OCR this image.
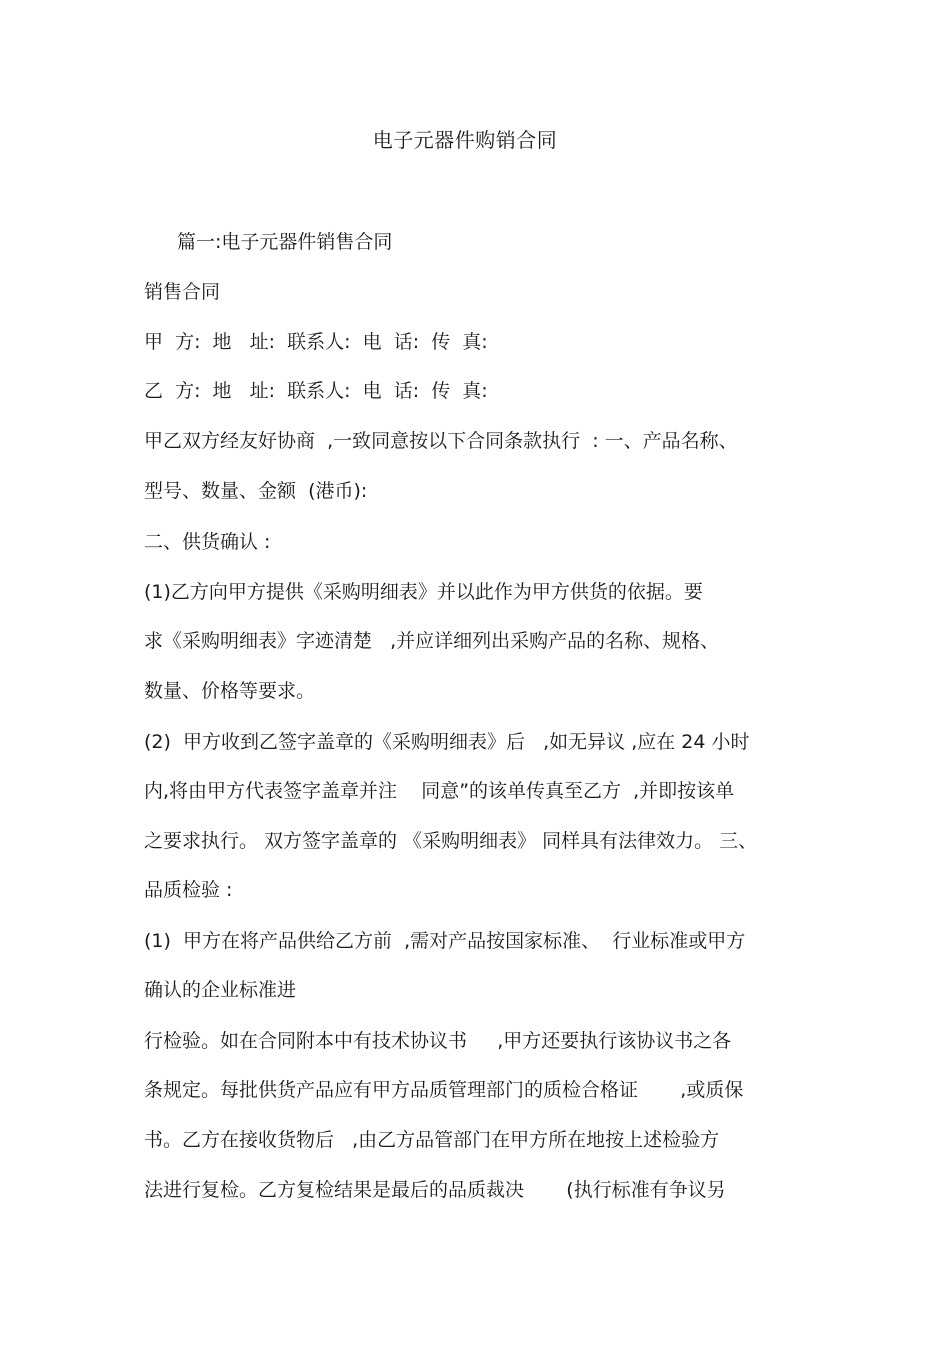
电子元器件购销合同
篇一:电子元器件销售合同
销售合同
甲  方:  地   址:  联系人:  电  话:  传  真:
乙  方:  地   址:  联系人:  电  话:  传  真:
甲乙双方经友好协商  ,一致同意按以下合同条款执行  : 一、产品名称、
型号、数量、金额  (港币):
二、供货确认 :
(1)乙方向甲方提供《采购明细表》并以此作为甲方供货的依据。要
求《采购明细表》字迹清楚   ,并应详细列出采购产品的名称、规格、
数量、价格等要求。
(2)  甲方收到乙签字盖章的《采购明细表》后   ,如无异议 ,应在 24 小时
内,将由甲方代表签字盖章并注    同意”的该单传真至乙方  ,并即按该单
之要求执行。 双方签字盖章的 《采购明细表》 同样具有法律效力。 三、
品质检验 :
(1)  甲方在将产品供给乙方前  ,需对产品按国家标准、  行业标准或甲方
确认的企业标准进
行检验。如在合同附本中有技术协议书     ,甲方还要执行该协议书之各
条规定。每批供货产品应有甲方品质管理部门的质检合格证       ,或质保
书。乙方在接收货物后   ,由乙方品管部门在甲方所在地按上述检验方
法进行复检。乙方复检结果是最后的品质裁决       (执行标准有争议另
